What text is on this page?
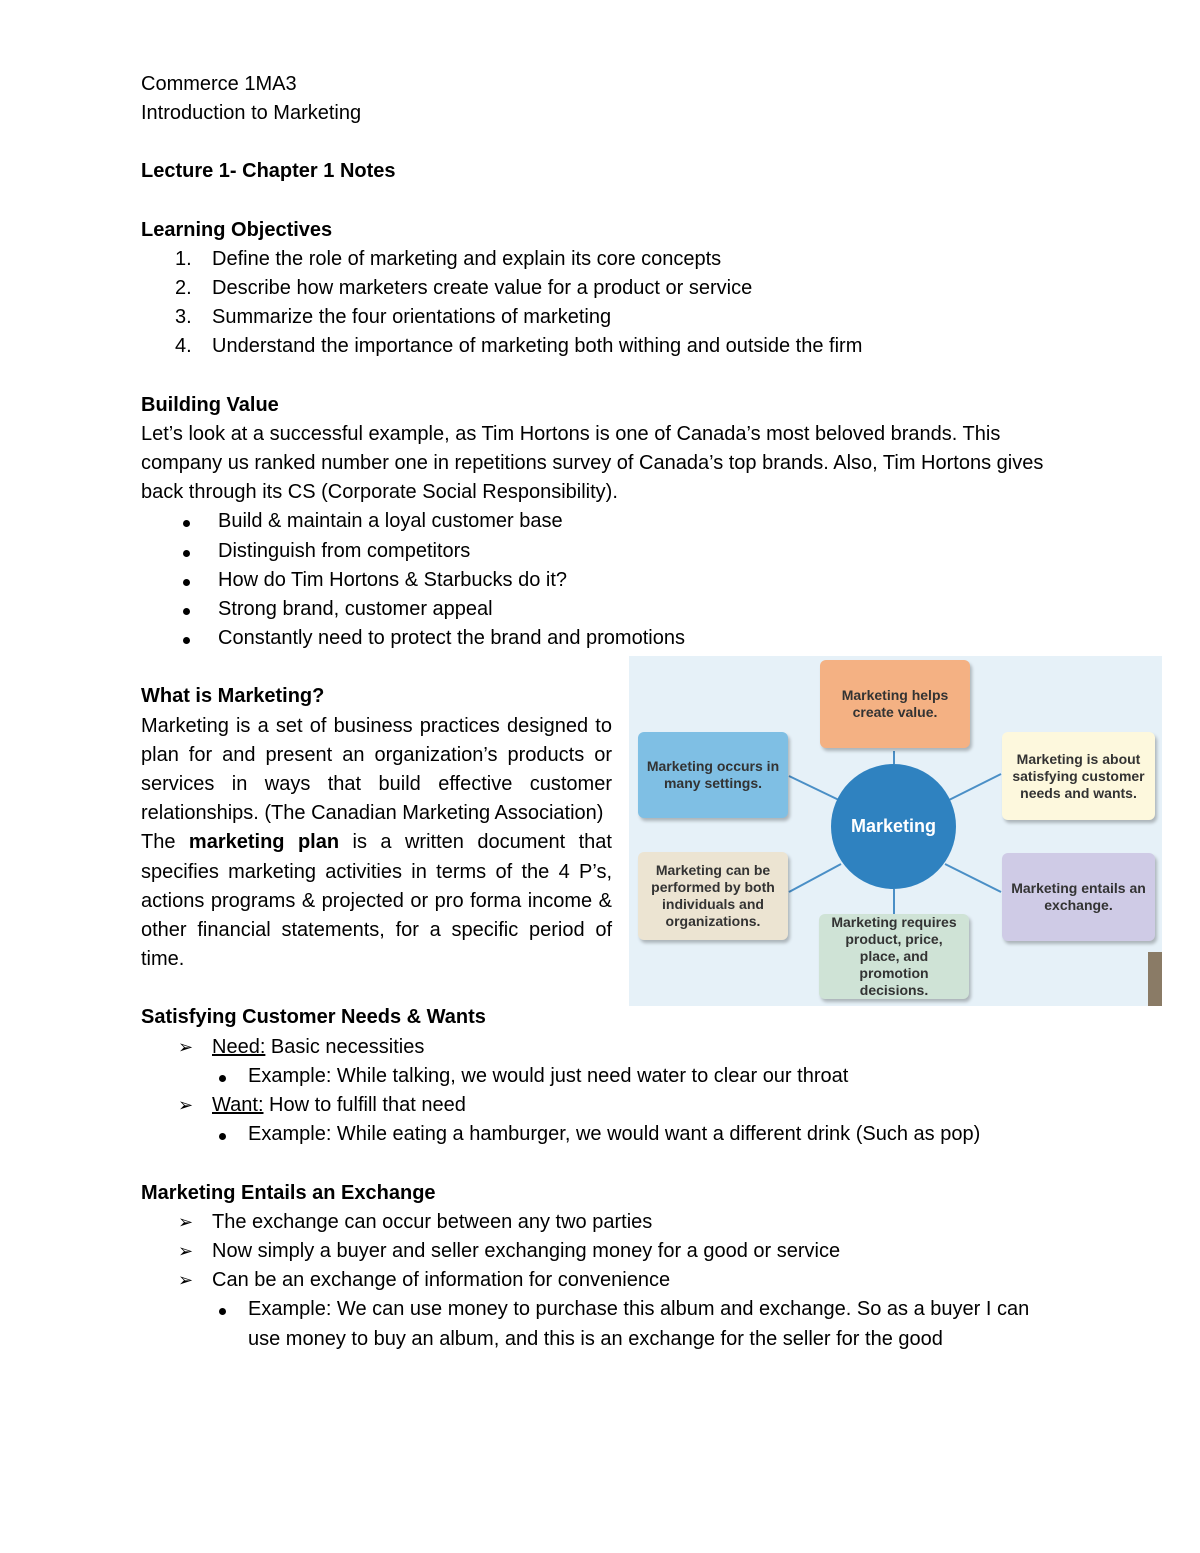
Commerce 1MA3

Introduction to Marketing

Lecture 1- Chapter 1 Notes

Learning Objectives

1.	Define the role of marketing and explain its core concepts

2.	Describe how marketers create value for a product or service

3.	Summarize the four orientations of marketing

4.	Understand the importance of marketing both withing and outside the firm

Building Value

Let’s look at a successful example, as Tim Hortons is one of Canada’s most beloved brands. This company us ranked number one in repetitions survey of Canada’s top brands. Also, Tim Hortons gives back through its CS (Corporate Social Responsibility).

Build & maintain a loyal customer base

Distinguish from competitors

How do Tim Hortons & Starbucks do it?

Strong brand, customer appeal

Constantly need to protect the brand and promotions

What is Marketing?

Marketing is a set of business practices designed to plan for and present an organization’s products or services in ways that build effective customer relationships. (The Canadian Marketing Association)

The marketing plan is a written document that specifies marketing activities in terms of the 4 P’s, actions programs & projected or pro forma income & other financial statements, for a specific period of time.

Satisfying Customer Needs & Wants

➢ Need: Basic necessities

Example: While talking, we would just need water to clear our throat

➢ Want: How to fulfill that need

Example: While eating a hamburger, we would want a different drink (Such as pop)

Marketing Entails an Exchange

➢ The exchange can occur between any two parties

➢ Now simply a buyer and seller exchanging money for a good or service

➢ Can be an exchange of information for convenience

Example: We can use money to purchase this album and exchange. So as a buyer I can use money to buy an album, and this is an exchange for the seller for the good

Marketing helps create value.
Marketing is about satisfying customer needs and wants.
Marketing entails an exchange.
Marketing requires product, price, place, and promotion decisions.
Marketing can be performed by both individuals and organizations.
Marketing occurs in many settings.
Marketing
